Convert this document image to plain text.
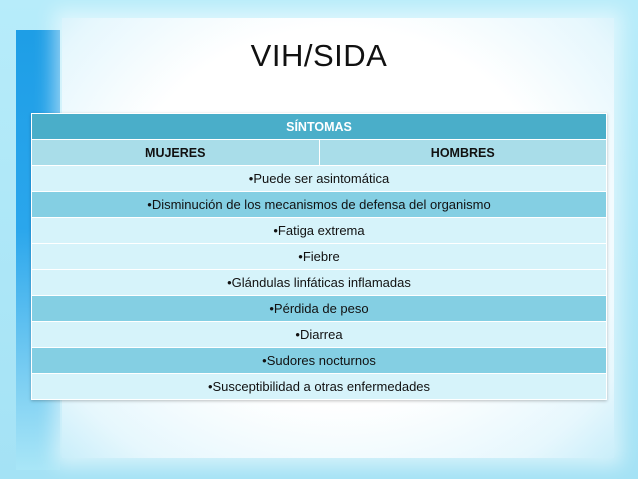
VIH/SIDA
SÍNTOMAS
MUJERES	HOMBRES
•Puede ser asintomática
•Disminución de los mecanismos de defensa del organismo
•Fatiga extrema
•Fiebre
•Glándulas linfáticas inflamadas
•Pérdida de peso
•Diarrea
•Sudores nocturnos
•Susceptibilidad a otras enfermedades
